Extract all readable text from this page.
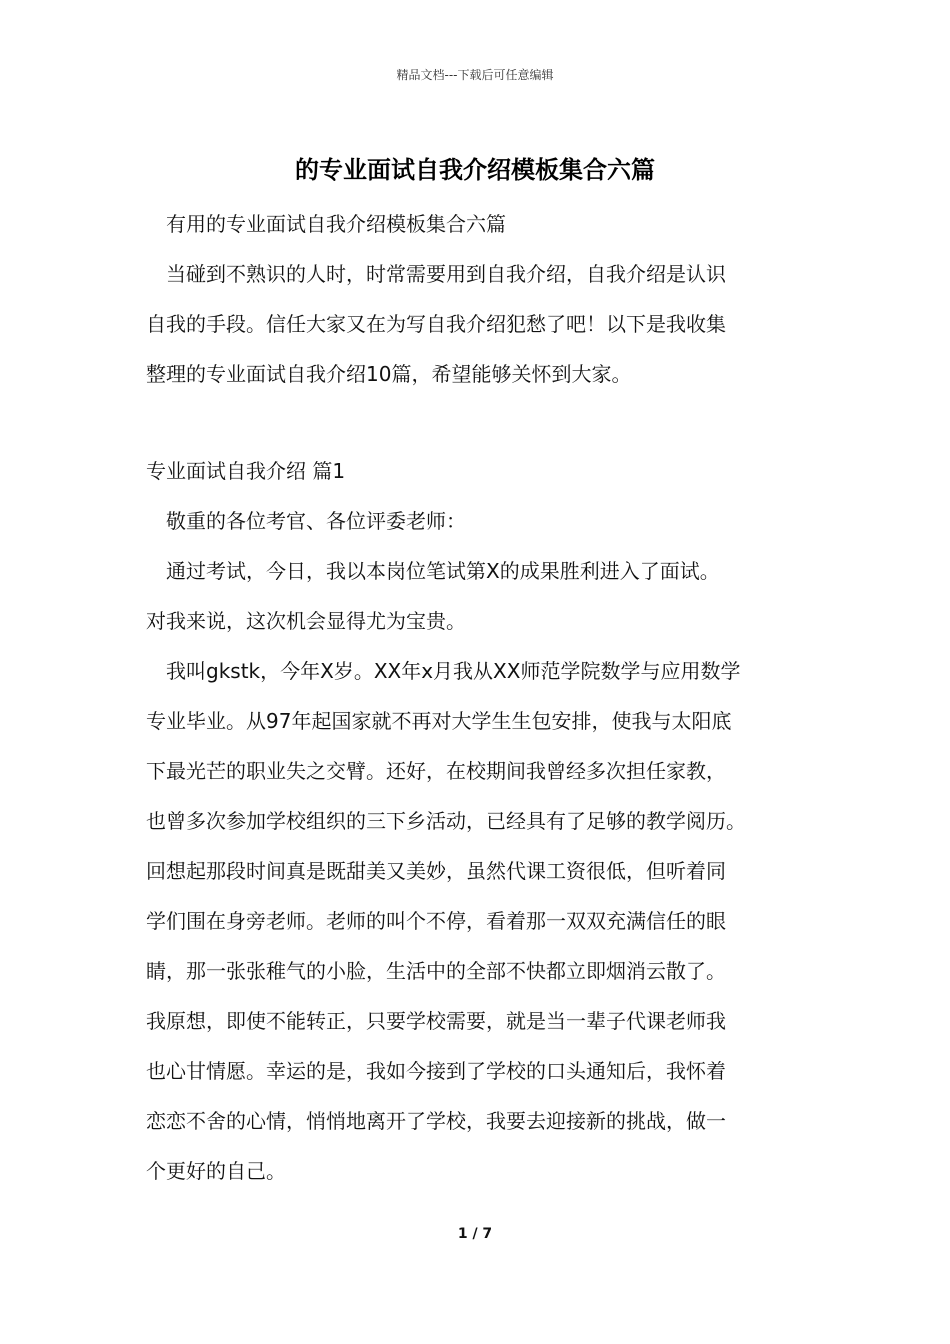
精品文档---下载后可任意编辑
的专业面试自我介绍模板集合六篇
有用的专业面试自我介绍模板集合六篇
当碰到不熟识的人时，时常需要用到自我介绍，自我介绍是认识
自我的手段。信任大家又在为写自我介绍犯愁了吧！以下是我收集
整理的专业面试自我介绍10篇，希望能够关怀到大家。
专业面试自我介绍 篇1
敬重的各位考官、各位评委老师：
通过考试，今日，我以本岗位笔试第X的成果胜利进入了面试。
对我来说，这次机会显得尤为宝贵。
我叫gkstk，今年X岁。XX年x月我从XX师范学院数学与应用数学
专业毕业。从97年起国家就不再对大学生生包安排，使我与太阳底
下最光芒的职业失之交臂。还好，在校期间我曾经多次担任家教，
也曾多次参加学校组织的三下乡活动，已经具有了足够的教学阅历。
回想起那段时间真是既甜美又美妙，虽然代课工资很低，但听着同
学们围在身旁老师。老师的叫个不停，看着那一双双充满信任的眼
睛，那一张张稚气的小脸，生活中的全部不快都立即烟消云散了。
我原想，即使不能转正，只要学校需要，就是当一辈子代课老师我
也心甘情愿。幸运的是，我如今接到了学校的口头通知后，我怀着
恋恋不舍的心情，悄悄地离开了学校，我要去迎接新的挑战，做一
个更好的自己。
1 / 7
